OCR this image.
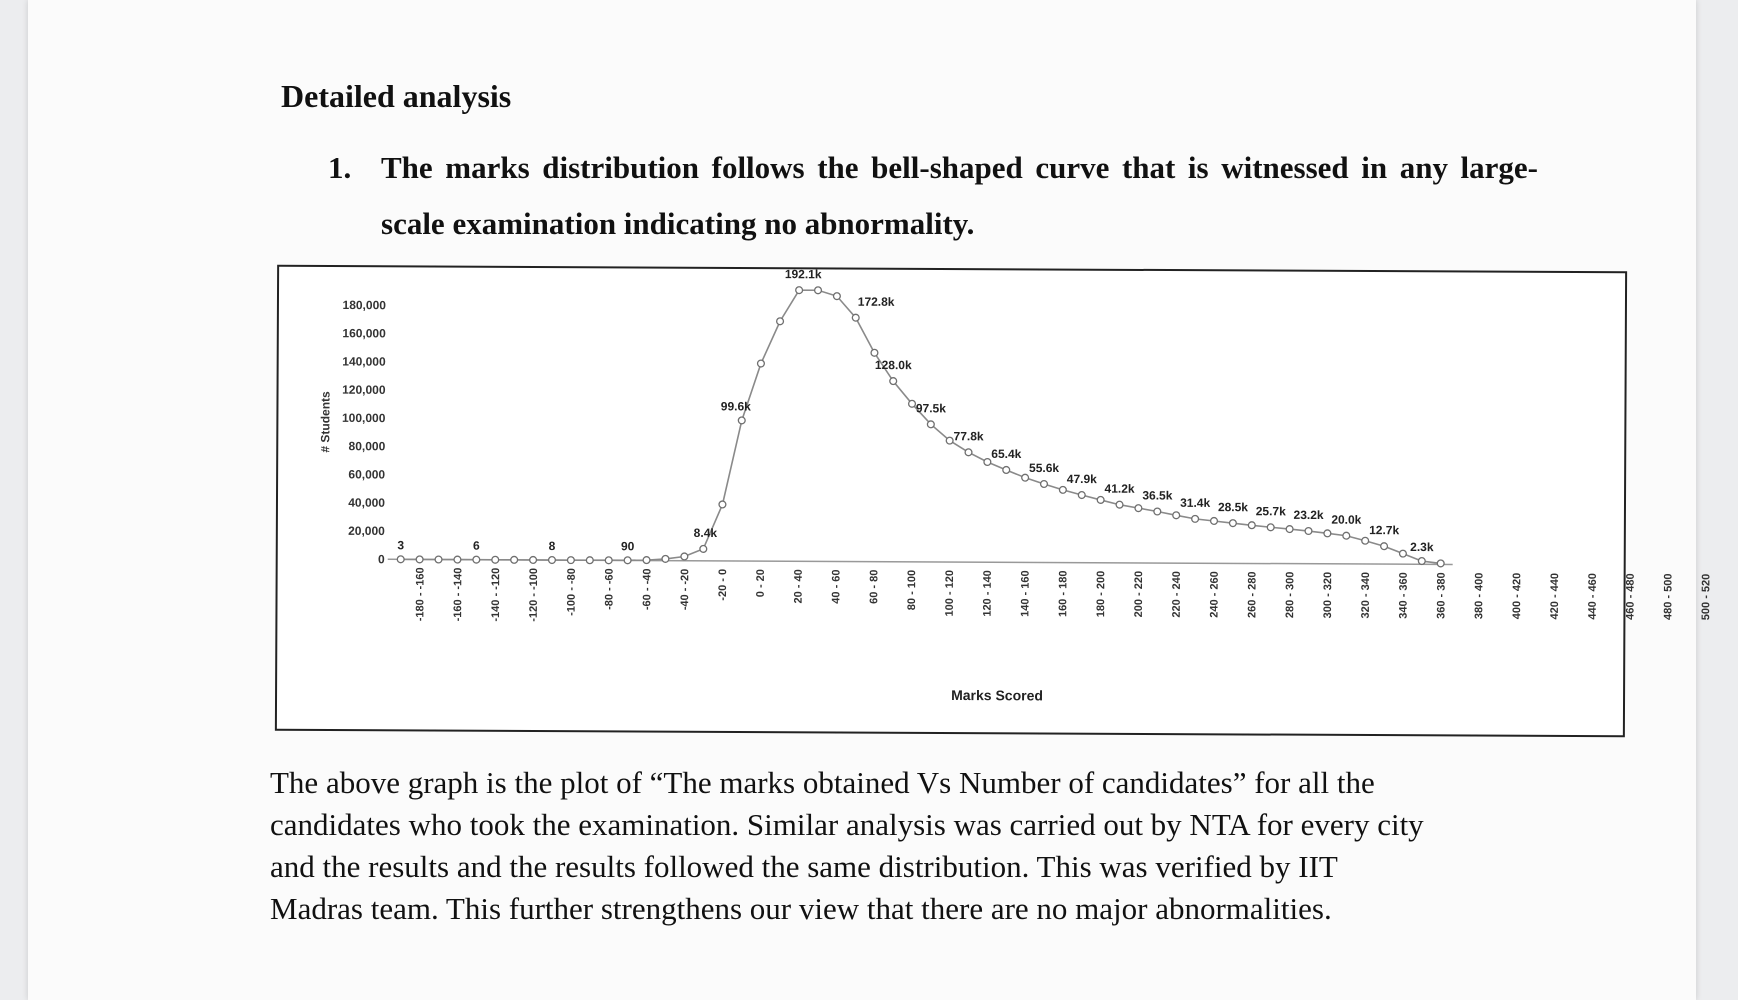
Detailed analysis
1. The marks distribution follows the bell-shaped curve that is witnessed in any large-scale examination indicating no abnormality.
0
20,000
40,000
60,000
80,000
100,000
120,000
140,000
160,000
180,000
-180 - -160 -160 - -140 -140 - -120 -120 - -100 -100 - -80 -80 - -60 -60 - -40 -40 - -20 -20 - 0 0 - 20 20 - 40 40 - 60 60 - 80 80 - 100 100 - 120 120 - 140 140 - 160 160 - 180 180 - 200 200 - 220 220 - 240 240 - 260 260 - 280 280 - 300 300 - 320 320 - 340 340 - 360 360 - 380 380 - 400 400 - 420 420 - 440 440 - 460 460 - 480 480 - 500 500 - 520
3	6	8	90
8.4k
99.6k
192.1k
172.8k
128.0k
97.5k
77.8k
65.4k
55.6k
47.9k
41.2k 36.5k
31.4k 28.5k 25.7k 23.2k 20.0k
12.7k
2.3k
# Students
Marks Scored

The above graph is the plot of “The marks obtained Vs Number of candidates” for all the

candidates who took the examination. Similar analysis was carried out by NTA for every city

and the results and the results followed the same distribution. This was verified by IIT

Madras team. This further strengthens our view that there are no major abnormalities.
